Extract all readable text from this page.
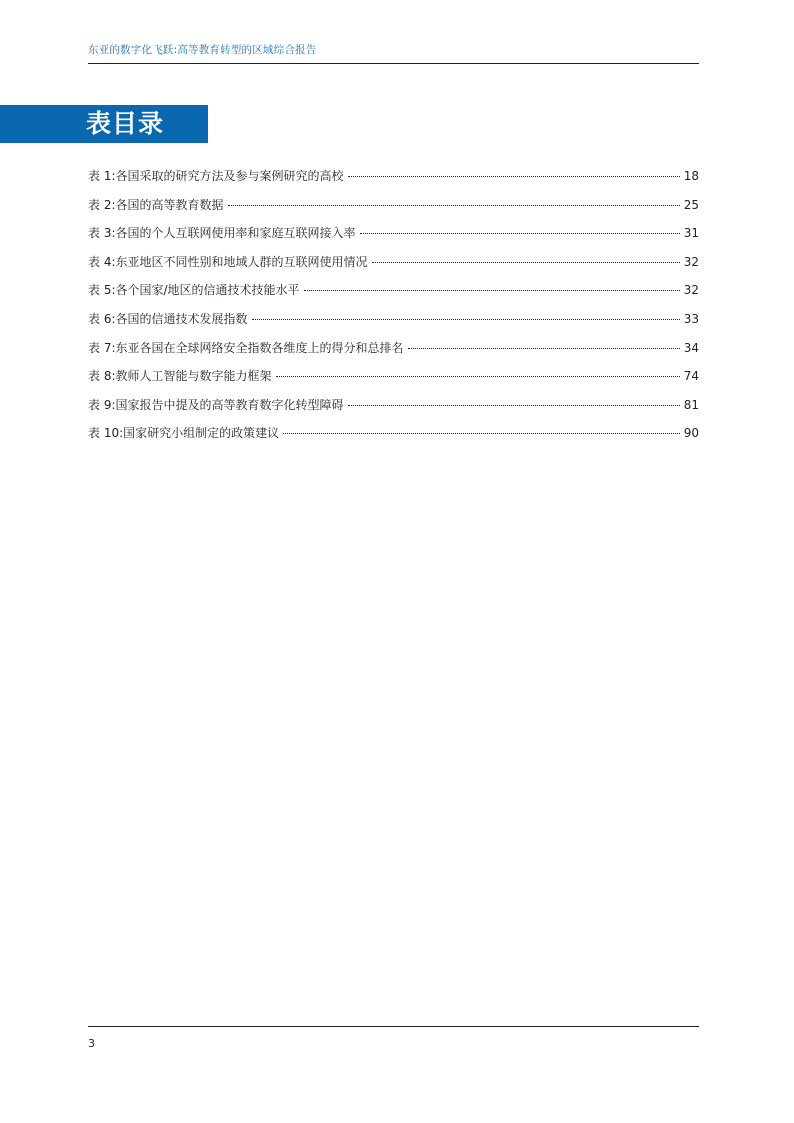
东亚的数字化飞跃:高等教育转型的区域综合报告
表目录
表 1:各国采取的研究方法及参与案例研究的高校	18
表 2:各国的高等教育数据	25
表 3:各国的个人互联网使用率和家庭互联网接入率	31
表 4:东亚地区不同性别和地域人群的互联网使用情况	32
表 5:各个国家/地区的信通技术技能水平	32
表 6:各国的信通技术发展指数	33
表 7:东亚各国在全球网络安全指数各维度上的得分和总排名	34
表 8:教师人工智能与数字能力框架	74
表 9:国家报告中提及的高等教育数字化转型障碍	81
表 10:国家研究小组制定的政策建议	90
3
